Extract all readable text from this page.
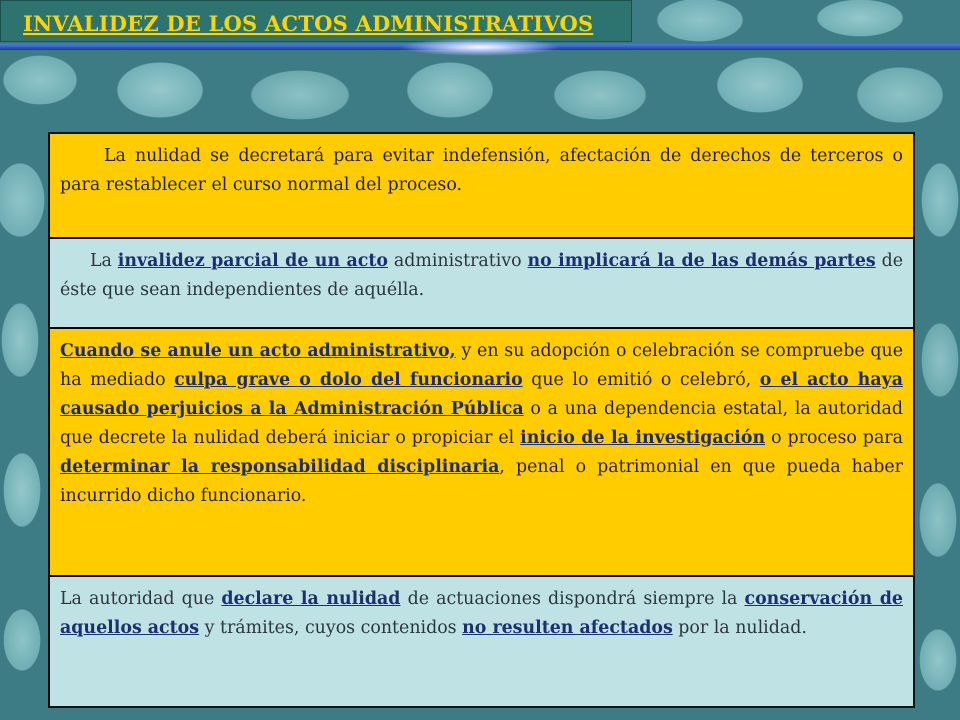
INVALIDEZ DE LOS ACTOS ADMINISTRATIVOS
La nulidad se decretará para evitar indefensión, afectación de derechos de terceros o para restablecer el curso normal del proceso.
La invalidez parcial de un acto administrativo no implicará la de las demás partes de éste que sean independientes de aquélla.
Cuando se anule un acto administrativo, y en su adopción o celebración se compruebe que ha mediado culpa grave o dolo del funcionario que lo emitió o celebró, o el acto haya causado perjuicios a la Administración Pública o a una dependencia estatal, la autoridad que decrete la nulidad deberá iniciar o propiciar el inicio de la investigación o proceso para determinar la responsabilidad disciplinaria, penal o patrimonial en que pueda haber incurrido dicho funcionario.
La autoridad que declare la nulidad de actuaciones dispondrá siempre la conservación de aquellos actos y trámites, cuyos contenidos no resulten afectados por la nulidad.
